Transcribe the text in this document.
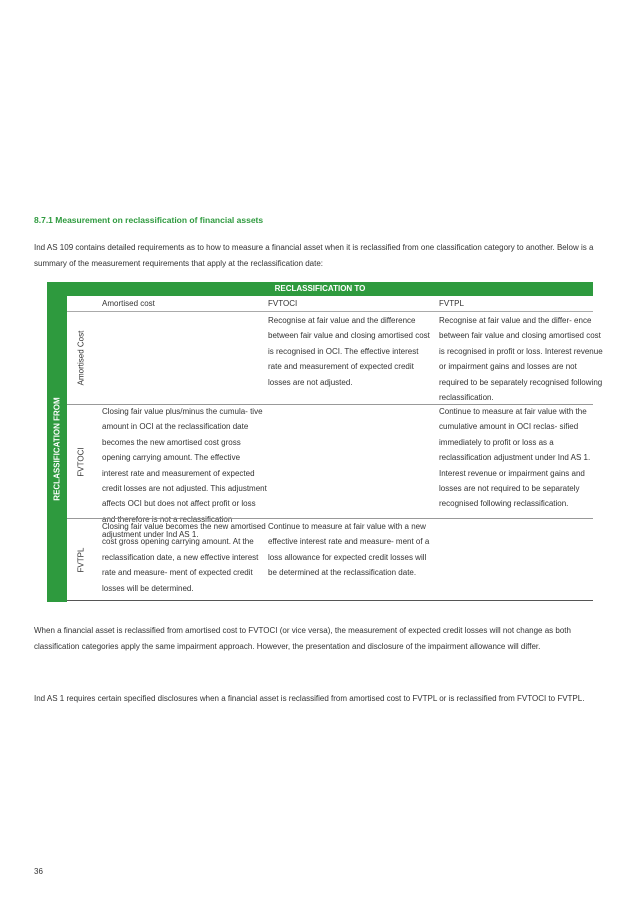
8.7.1 Measurement on reclassification of financial assets
Ind AS 109 contains detailed requirements as to how to measure a financial asset when it is reclassified from one classification category to another. Below is a summary of the measurement requirements that apply at the reclassification date:
RECLASSIFICATION TO
RECLASSIFICATION FROM
Amortised cost	FVTOCI	FVTPL
Amortised Cost
Recognise at fair value and the difference between fair value and closing amortised cost is recognised in OCI. The effective interest rate and measurement of expected credit losses are not adjusted.
Recognise at fair value and the differ- ence between fair value and closing amortised cost is recognised in profit or loss. Interest revenue or impairment gains and losses are not required to be separately recognised following reclassification.
FVTOCI
Closing fair value plus/minus the cumula- tive amount in OCI at the reclassification date becomes the new amortised cost gross opening carrying amount. The effective interest rate and measurement of expected credit losses are not adjusted. This adjustment affects OCI but does not affect profit or loss and therefore is not a reclassification adjustment under Ind AS 1.
Continue to measure at fair value with the cumulative amount in OCI reclas- sified immediately to profit or loss as a reclassification adjustment under Ind AS 1. Interest revenue or impairment gains and losses are not required to be separately recognised following reclassification.
FVTPL
Closing fair value becomes the new amortised cost gross opening carrying amount. At the reclassification date, a new effective interest rate and measure- ment of expected credit losses will be determined.
Continue to measure at fair value with a new effective interest rate and measure- ment of a loss allowance for expected credit losses will be determined at the reclassification date.
When a financial asset is reclassified from amortised cost to FVTOCI (or vice versa), the measurement of expected credit losses will not change as both classification categories apply the same impairment approach. However, the presentation and disclosure of the impairment allowance will differ.
Ind AS 1 requires certain specified disclosures when a financial asset is reclassified from amortised cost to FVTPL or is reclassified from FVTOCI to FVTPL.
36
